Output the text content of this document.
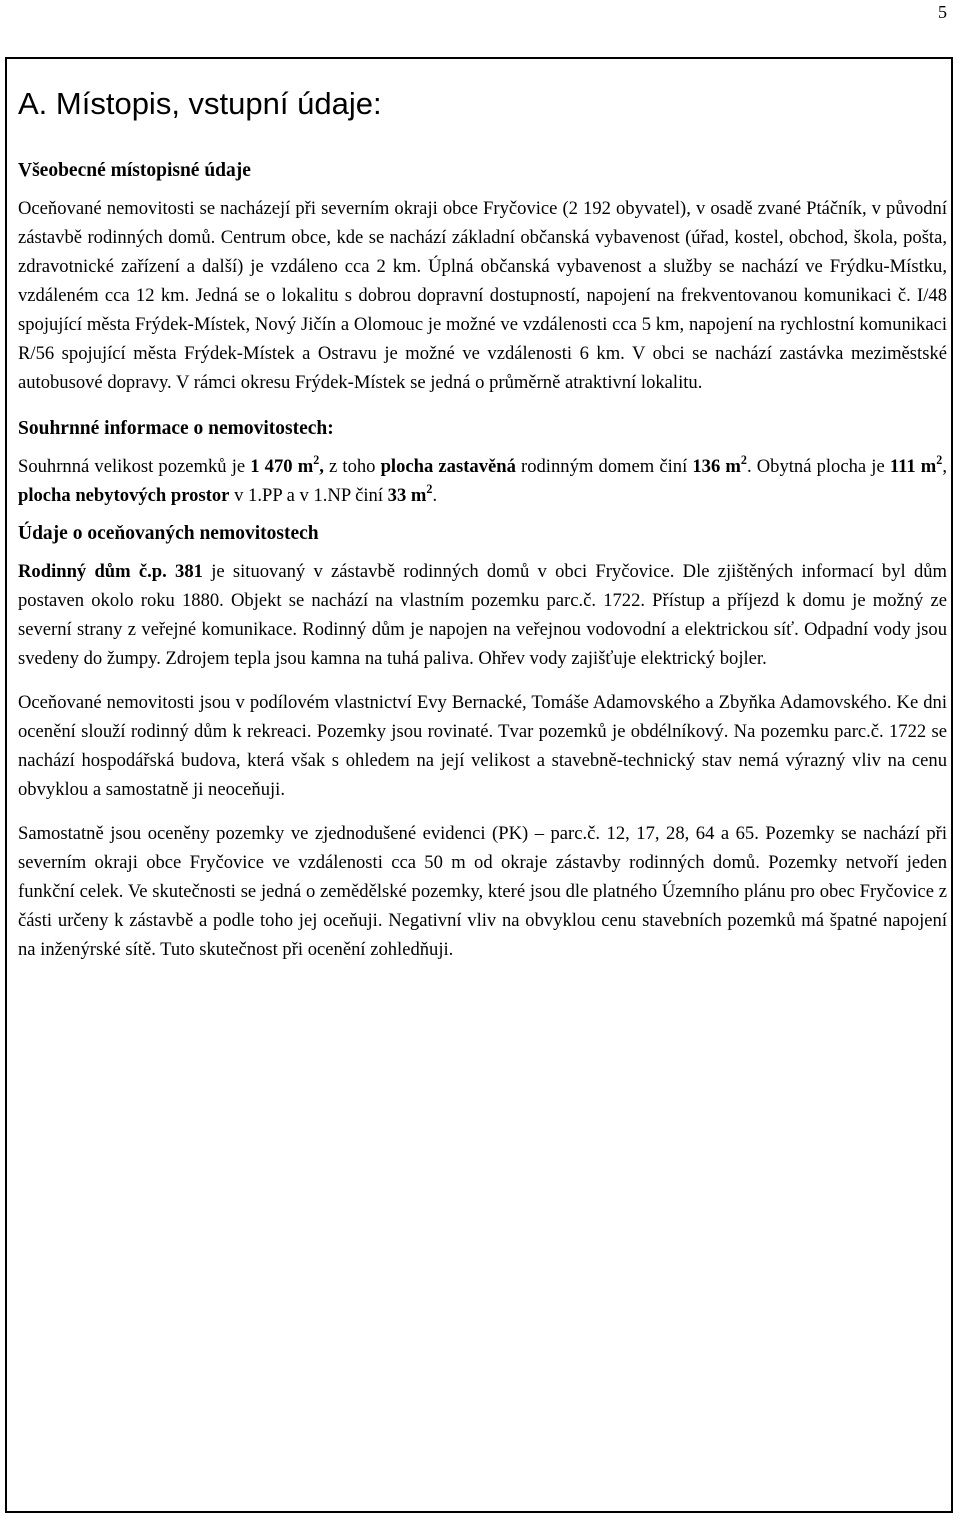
5
A. Místopis, vstupní údaje:
Všeobecné místopisné údaje

Oceňované nemovitosti se nacházejí při severním okraji obce Fryčovice (2 192 obyvatel), v osadě zvané Ptáčník, v původní zástavbě rodinných domů. Centrum obce, kde se nachází základní občanská vybavenost (úřad, kostel, obchod, škola, pošta, zdravotnické zařízení a další) je vzdáleno cca 2 km. Úplná občanská vybavenost a služby se nachází ve Frýdku-Místku, vzdáleném cca 12 km. Jedná se o lokalitu s dobrou dopravní dostupností, napojení na frekventovanou komunikaci č. I/48 spojující města Frýdek-Místek, Nový Jičín a Olomouc je možné ve vzdálenosti cca 5 km, napojení na rychlostní komunikaci R/56 spojující města Frýdek-Místek a Ostravu je možné ve vzdálenosti 6 km. V obci se nachází zastávka meziměstské autobusové dopravy. V rámci okresu Frýdek-Místek se jedná o průměrně atraktivní lokalitu.

Souhrnné informace o nemovitostech:

Souhrnná velikost pozemků je 1 470 $m^2$, z toho plocha zastavěná rodinným domem činí 136 $m^2$. Obytná plocha je 111 $m^2$, plocha nebytových prostor v 1.PP a v 1.NP činí 33 $m^2$.

Údaje o oceňovaných nemovitostech

Rodinný dům č.p. 381 je situovaný v zástavbě rodinných domů v obci Fryčovice. Dle zjištěných informací byl dům postaven okolo roku 1880. Objekt se nachází na vlastním pozemku parc.č. 1722. Přístup a příjezd k domu je možný ze severní strany z veřejné komunikace. Rodinný dům je napojen na veřejnou vodovodní a elektrickou síť. Odpadní vody jsou svedeny do žumpy. Zdrojem tepla jsou kamna na tuhá paliva. Ohřev vody zajišťuje elektrický bojler.

Oceňované nemovitosti jsou v podílovém vlastnictví Evy Bernacké, Tomáše Adamovského a Zbyňka Adamovského. Ke dni ocenění slouží rodinný dům k rekreaci. Pozemky jsou rovinaté. Tvar pozemků je obdélníkový. Na pozemku parc.č. 1722 se nachází hospodářská budova, která však s ohledem na její velikost a stavebně-technický stav nemá výrazný vliv na cenu obvyklou a samostatně ji neoceňuji.

Samostatně jsou oceněny pozemky ve zjednodušené evidenci (PK) – parc.č. 12, 17, 28, 64 a 65. Pozemky se nachází při severním okraji obce Fryčovice ve vzdálenosti cca 50 m od okraje zástavby rodinných domů. Pozemky netvoří jeden funkční celek. Ve skutečnosti se jedná o zemědělské pozemky, které jsou dle platného Územního plánu pro obec Fryčovice z části určeny k zástavbě a podle toho jej oceňuji. Negativní vliv na obvyklou cenu stavebních pozemků má špatné napojení na inženýrské sítě. Tuto skutečnost při ocenění zohledňuji.
